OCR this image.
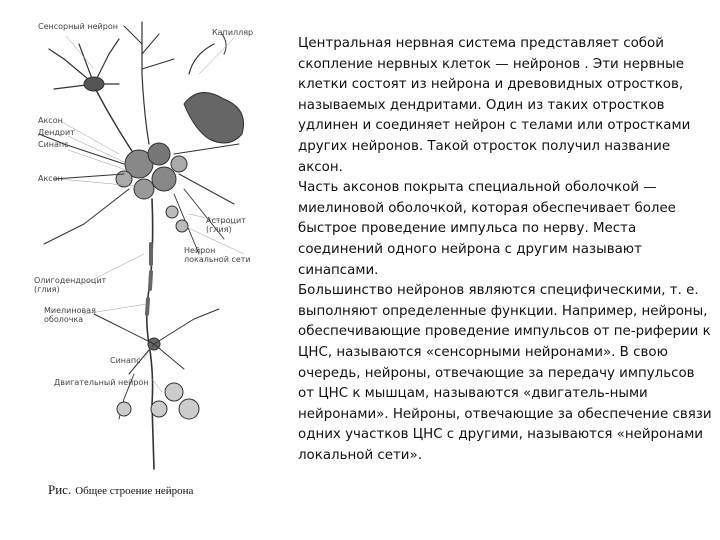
Сенсорный нейрон
Капилляр
Аксон
Дендрит
Синапс
Аксон
Астроцит
(глия)
Нейрон
локальной сети
Олигодендроцит
(глия)
Миелиновая
оболочка
Синапс
Двигательный нейрон
Рис. Общее строение нейрона

Центральная нервная система представляет собой скопление нервных клеток — нейронов . Эти нервные клетки состоят из нейрона и древовидных отростков, называемых дендритами. Один из таких отростков удлинен и соединяет нейрон с телами или отростками других нейронов. Такой отросток получил название аксон.

Часть аксонов покрыта специальной оболочкой — миелиновой оболочкой, которая обеспечивает более быстрое проведение импульса по нерву. Места соединений одного нейрона с другим называют синапсами.

Большинство нейронов являются специфическими, т. е. выполняют определенные функции. Например, нейроны, обеспечивающие проведение импульсов от пе-риферии к ЦНС, называются «сенсорными нейронами». В свою очередь, нейроны, отвечающие за передачу импульсов от ЦНС к мышцам, называются «двигатель-ными нейронами». Нейроны, отвечающие за обеспечение связи одних участков ЦНС с другими, называются «нейронами локальной сети».
